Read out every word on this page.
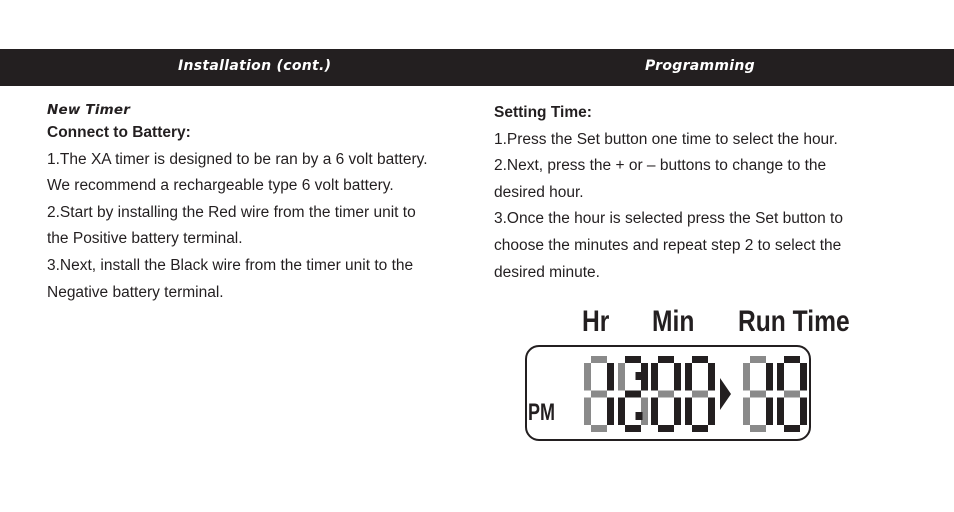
Installation (cont.)	Programming
New Timer
Connect to Battery:
1.The XA timer is designed to be ran by a 6 volt battery.
We recommend a rechargeable type 6 volt battery.
2.Start by installing the Red wire from the timer unit to
the Positive battery terminal.
3.Next, install the Black wire from the timer unit to the
Negative battery terminal.
Setting Time:
1.Press the Set button one time to select the hour.
2.Next, press the + or – buttons to change to the
desired hour.
3.Once the hour is selected press the Set button to
choose the minutes and repeat step 2 to select the
desired minute.
Hr Min Run Time
PM
